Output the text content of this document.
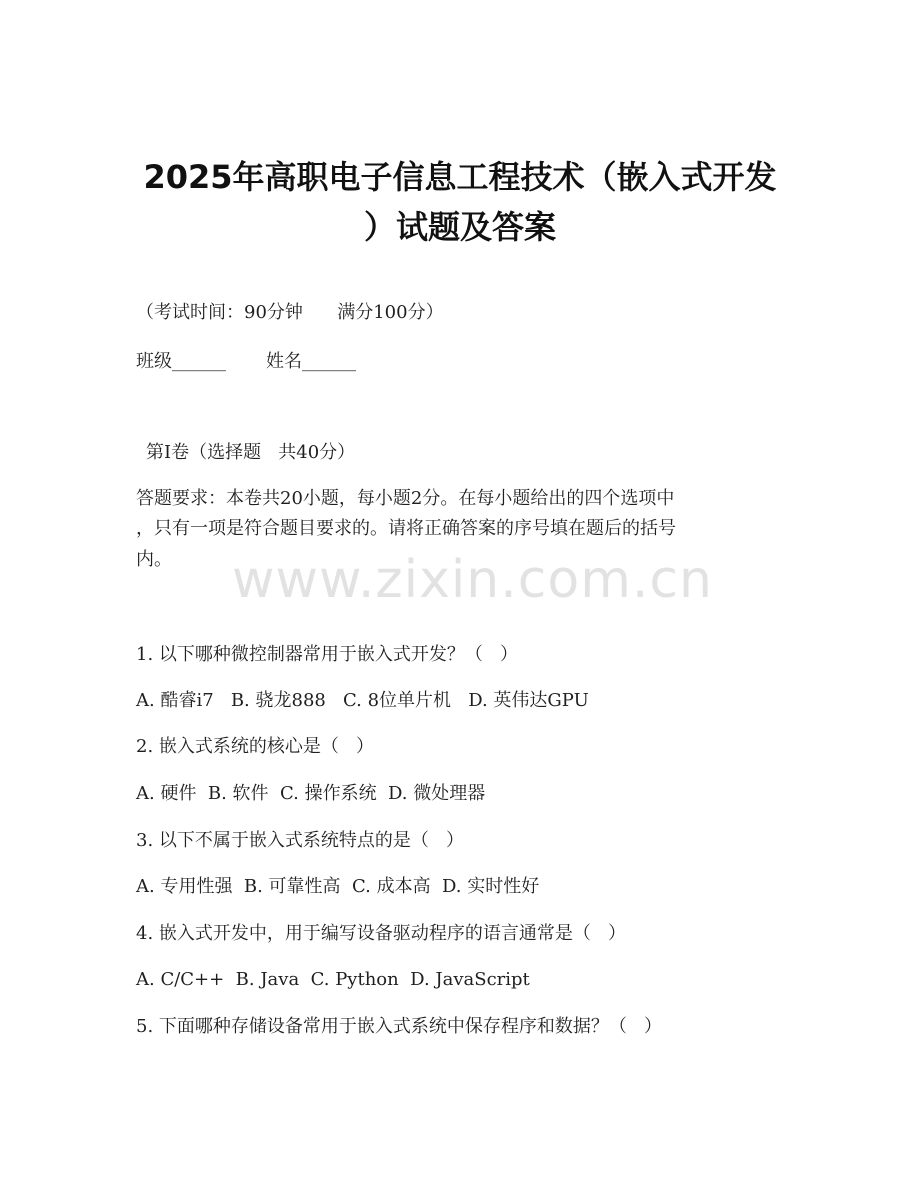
2025年高职电子信息工程技术（嵌入式开发
）试题及答案

（考试时间：90分钟      满分100分）

班级______       姓名______

第Ⅰ卷（选择题   共40分）

答题要求：本卷共20小题，每小题2分。在每小题给出的四个选项中

，只有一项是符合题目要求的。请将正确答案的序号填在题后的括号

内。 www.zixin.com.cn

1. 以下哪种微控制器常用于嵌入式开发？（   ）

A. 酷睿i7   B. 骁龙888   C. 8位单片机   D. 英伟达GPU

2. 嵌入式系统的核心是（   ）

A. 硬件  B. 软件  C. 操作系统  D. 微处理器

3. 以下不属于嵌入式系统特点的是（   ）

A. 专用性强  B. 可靠性高  C. 成本高  D. 实时性好

4. 嵌入式开发中，用于编写设备驱动程序的语言通常是（   ）

A. C/C++  B. Java  C. Python  D. JavaScript

5. 下面哪种存储设备常用于嵌入式系统中保存程序和数据？（   ）
